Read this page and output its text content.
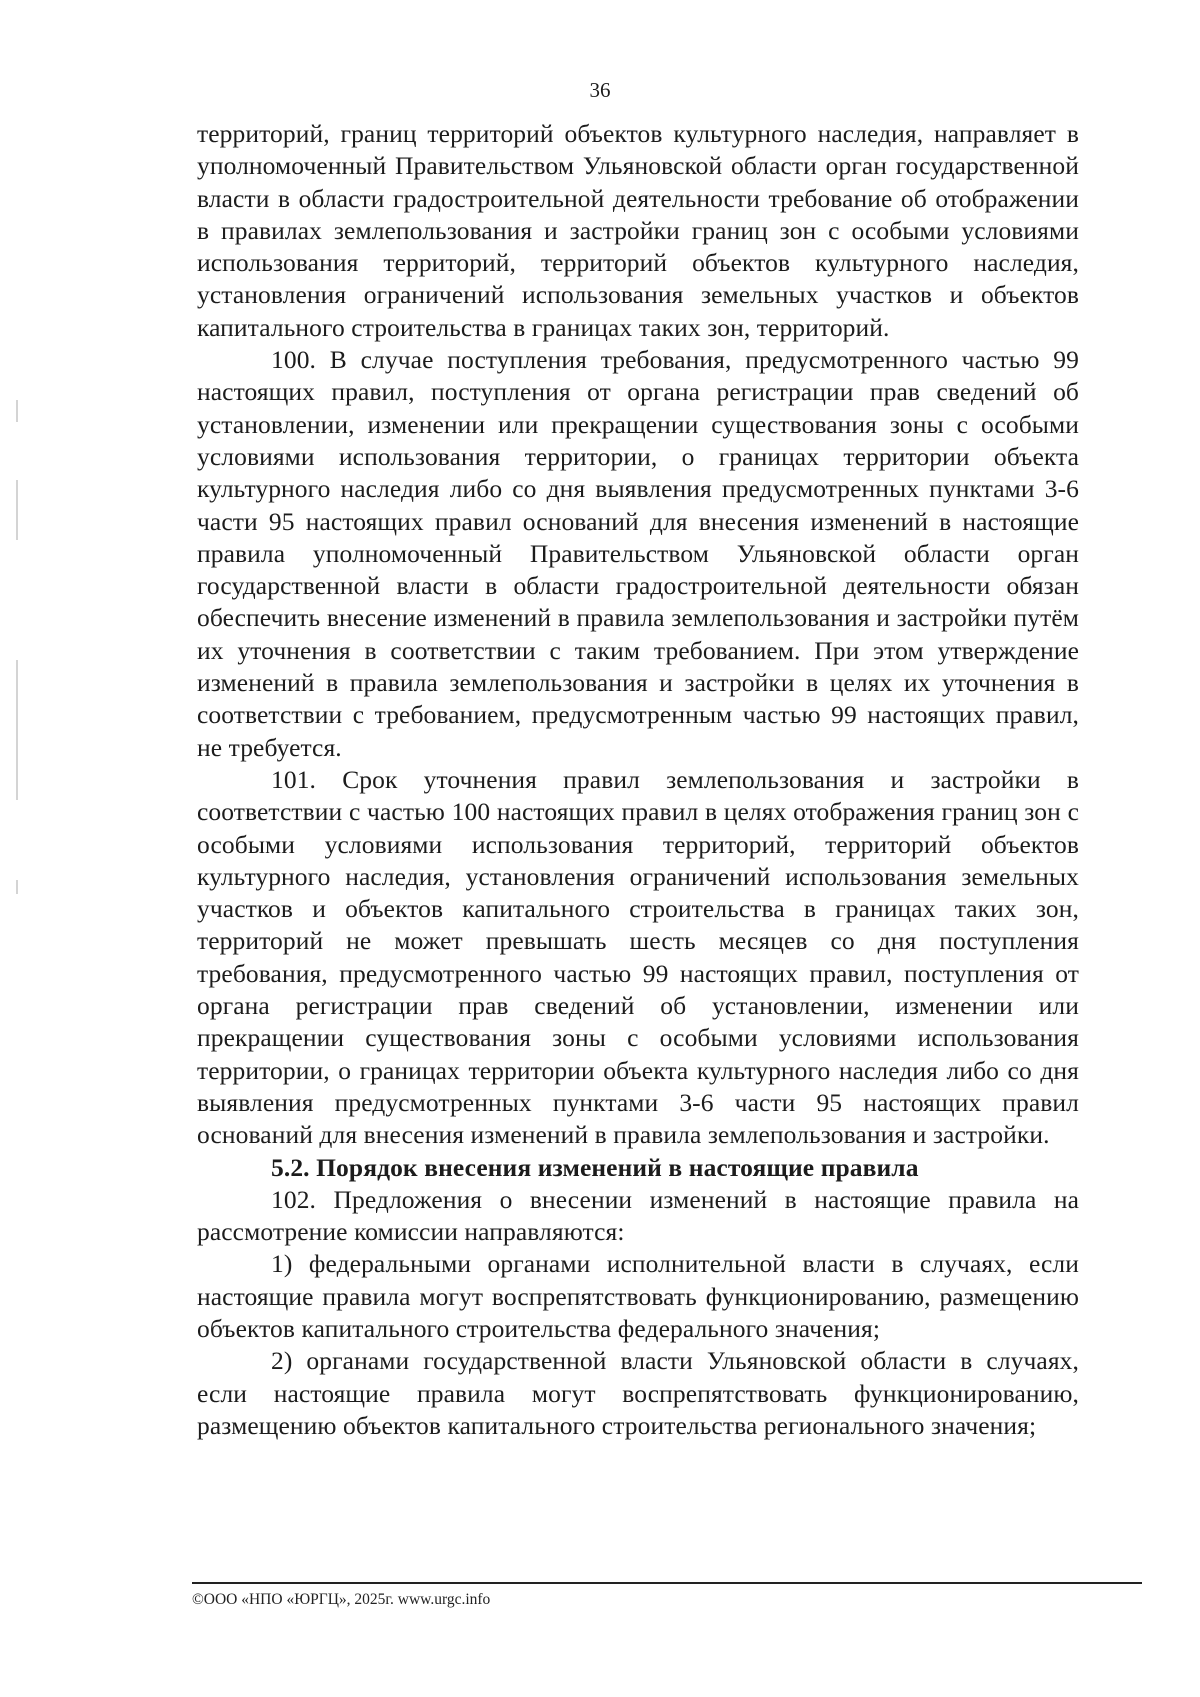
36

территорий, границ территорий объектов культурного наследия, направляет в уполномоченный Правительством Ульяновской области орган государственной власти в области градостроительной деятельности требование об отображении в правилах землепользования и застройки границ зон с особыми условиями использования территорий, территорий объектов культурного наследия, установления ограничений использования земельных участков и объектов капитального строительства в границах таких зон, территорий.

100. В случае поступления требования, предусмотренного частью 99 настоящих правил, поступления от органа регистрации прав сведений об установлении, изменении или прекращении существования зоны с особыми условиями использования территории, о границах территории объекта культурного наследия либо со дня выявления предусмотренных пунктами 3-6 части 95 настоящих правил оснований для внесения изменений в настоящие правила уполномоченный Правительством Ульяновской области орган государственной власти в области градостроительной деятельности обязан обеспечить внесение изменений в правила землепользования и застройки путём их уточнения в соответствии с таким требованием. При этом утверждение изменений в правила землепользования и застройки в целях их уточнения в соответствии с требованием, предусмотренным частью 99 настоящих правил, не требуется.

101. Срок уточнения правил землепользования и застройки в соответствии с частью 100 настоящих правил в целях отображения границ зон с особыми условиями использования территорий, территорий объектов культурного наследия, установления ограничений использования земельных участков и объектов капитального строительства в границах таких зон, территорий не может превышать шесть месяцев со дня поступления требования, предусмотренного частью 99 настоящих правил, поступления от органа регистрации прав сведений об установлении, изменении или прекращении существования зоны с особыми условиями использования территории, о границах территории объекта культурного наследия либо со дня выявления предусмотренных пунктами 3-6 части 95 настоящих правил оснований для внесения изменений в правила землепользования и застройки.

5.2. Порядок внесения изменений в настоящие правила

102. Предложения о внесении изменений в настоящие правила на рассмотрение комиссии направляются:

1) федеральными органами исполнительной власти в случаях, если настоящие правила могут воспрепятствовать функционированию, размещению объектов капитального строительства федерального значения;

2) органами государственной власти Ульяновской области в случаях, если настоящие правила могут воспрепятствовать функционированию, размещению объектов капитального строительства регионального значения;

©ООО «НПО «ЮРГЦ», 2025г. www.urgc.info
